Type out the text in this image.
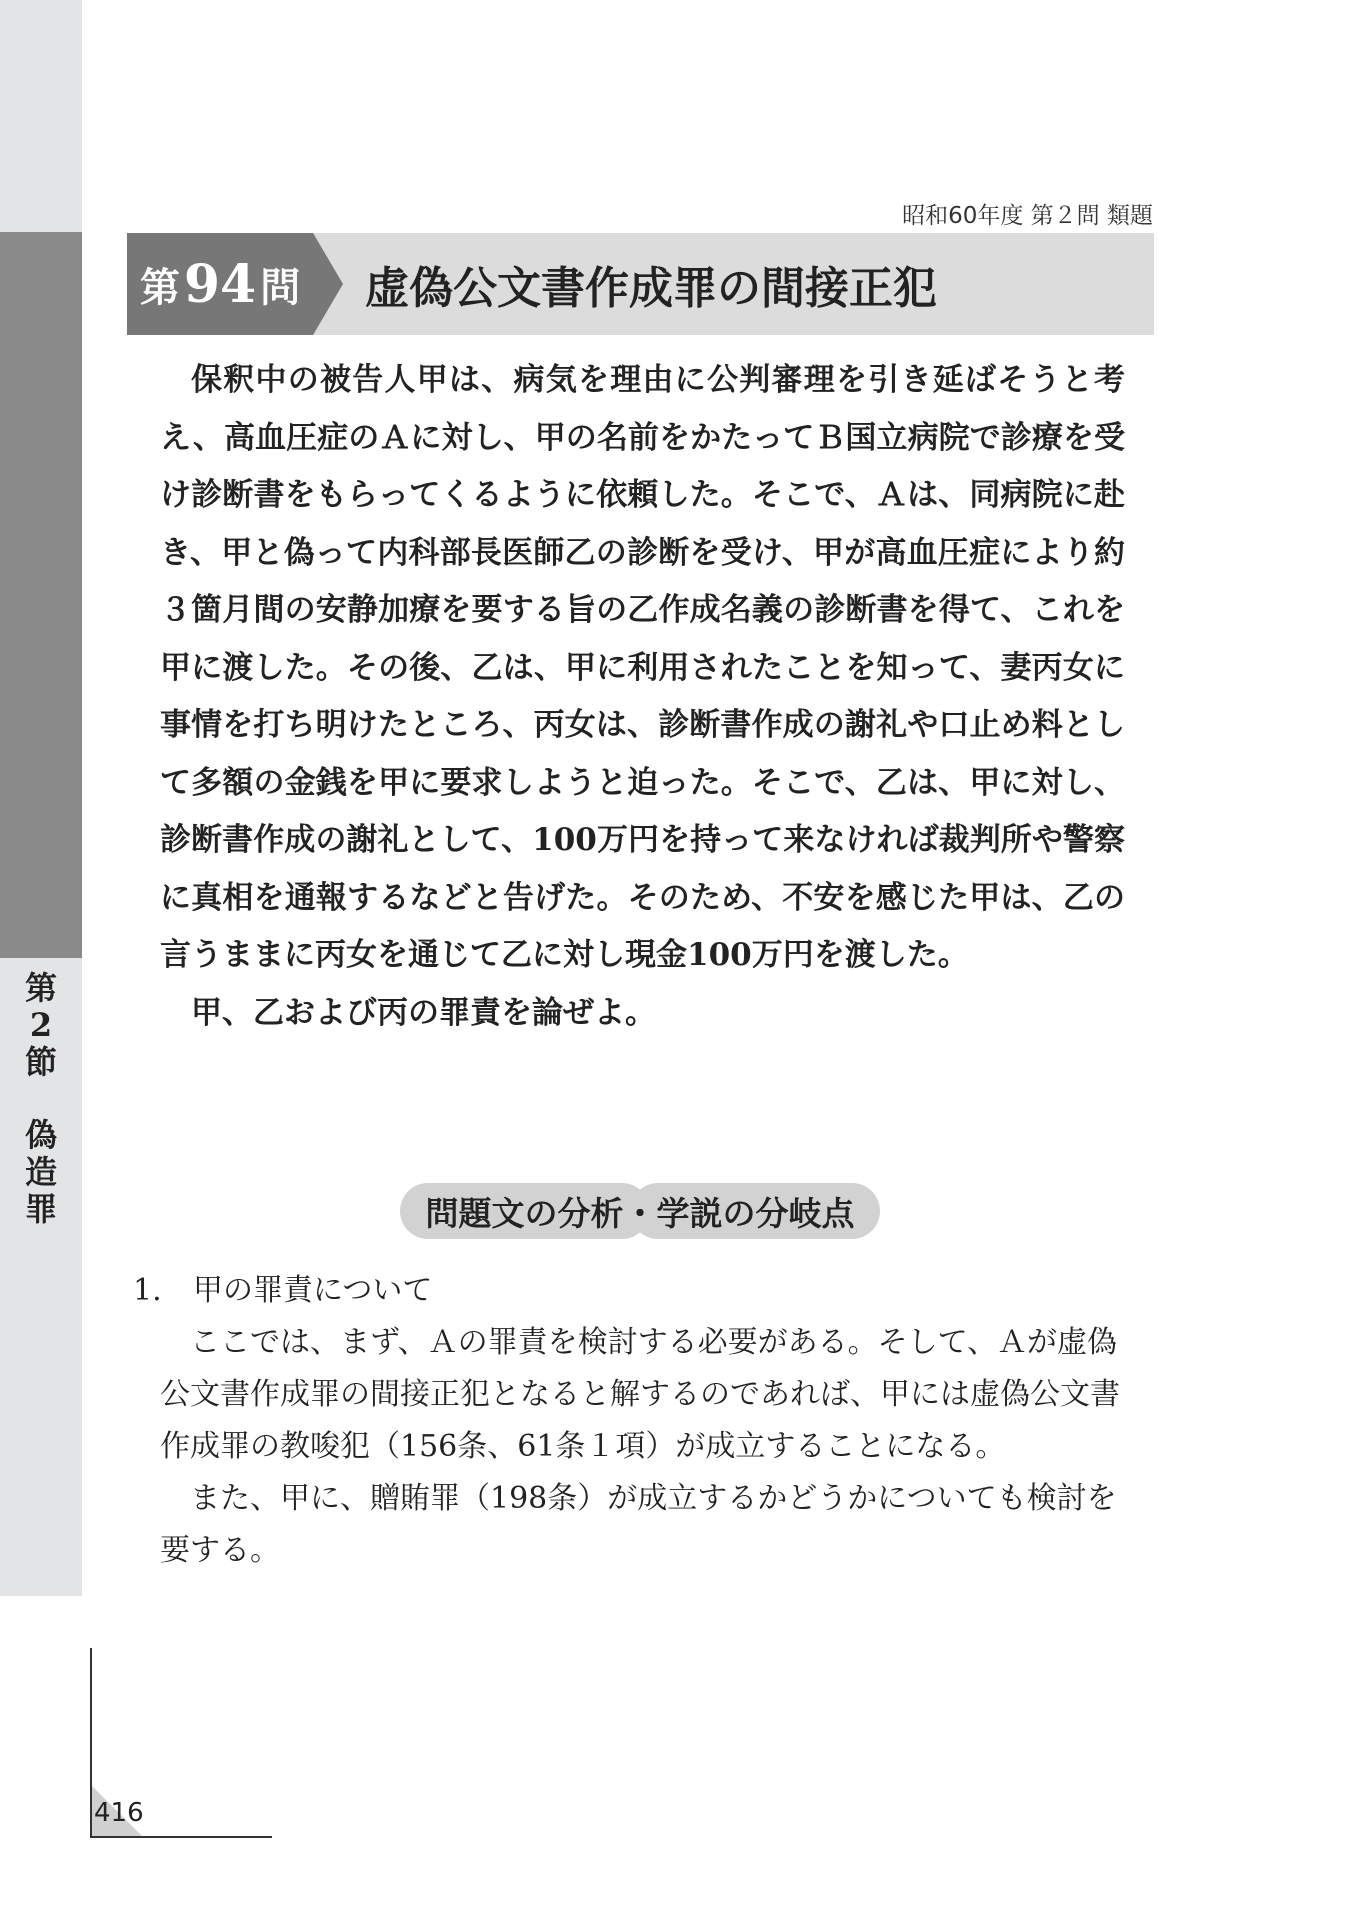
第
2
節
偽
造
罪
昭和60年度 第２問 類題
第 94 問 虚偽公文書作成罪の間接正犯

保釈中の被告人甲は、病気を理由に公判審理を引き延ばそうと考え、高血圧症のＡに対し、甲の名前をかたってＢ国立病院で診療を受け診断書をもらってくるように依頼した。そこで、Ａは、同病院に赴き、甲と偽って内科部長医師乙の診断を受け、甲が高血圧症により約３箇月間の安静加療を要する旨の乙作成名義の診断書を得て、これを甲に渡した。その後、乙は、甲に利用されたことを知って、妻丙女に事情を打ち明けたところ、丙女は、診断書作成の謝礼や口止め料として多額の金銭を甲に要求しようと迫った。そこで、乙は、甲に対し、診断書作成の謝礼として、100万円を持って来なければ裁判所や警察に真相を通報するなどと告げた。そのため、不安を感じた甲は、乙の言うままに丙女を通じて乙に対し現金100万円を渡した。

甲、乙および丙の罪責を論ぜよ。

問題文の分析・学説の分岐点

1. 甲の罪責について

ここでは、まず、Ａの罪責を検討する必要がある。そして、Ａが虚偽公文書作成罪の間接正犯となると解するのであれば、甲には虚偽公文書作成罪の教唆犯（156条、61条１項）が成立することになる。

また、甲に、贈賄罪（198条）が成立するかどうかについても検討を要する。

416
